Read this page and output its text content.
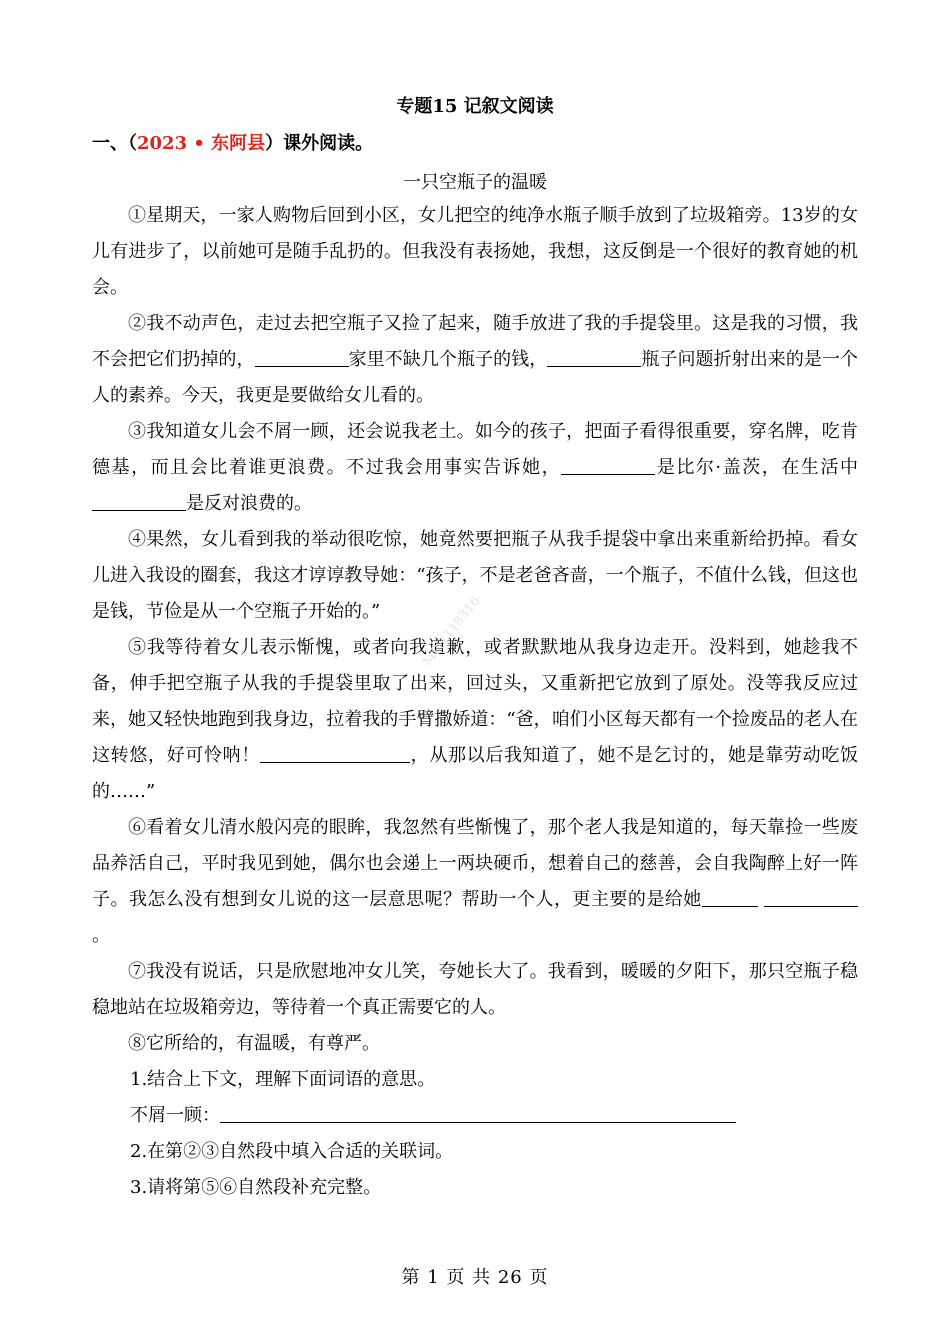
专题15 记叙文阅读
一、（2023 • 东阿县）课外阅读。
一只空瓶子的温暖

①星期天，一家人购物后回到小区，女儿把空的纯净水瓶子顺手放到了垃圾箱旁。13岁的女儿有进步了，以前她可是随手乱扔的。但我没有表扬她，我想，这反倒是一个很好的教育她的机会。

②我不动声色，走过去把空瓶子又捡了起来，随手放进了我的手提袋里。这是我的习惯，我不会把它们扔掉的，	家里不缺几个瓶子的钱，	瓶子问题折射出来的是一个人的素养。今天，我更是要做给女儿看的。

③我知道女儿会不屑一顾，还会说我老土。如今的孩子，把面子看得很重要，穿名牌，吃肯德基，而且会比着谁更浪费。不过我会用事实告诉她，	是比尔·盖茨，在生活中是反对浪费的。

④果然，女儿看到我的举动很吃惊，她竟然要把瓶子从我手提袋中拿出来重新给扔掉。看女儿进入我设的圈套，我这才谆谆教导她：“孩子，不是老爸吝啬，一个瓶子，不值什么钱，但这也是钱，节俭是从一个空瓶子开始的。”

⑤我等待着女儿表示惭愧，或者向我道歉，或者默默地从我身边走开。没料到，她趁我不备，伸手把空瓶子从我的手提袋里取了出来，回过头，又重新把它放到了原处。没等我反应过来，她又轻快地跑到我身边，拉着我的手臂撒娇道：“爸，咱们小区每天都有一个捡废品的老人在这转悠，好可怜呐！	，从那以后我知道了，她不是乞讨的，她是靠劳动吃饭的……”

⑥看着女儿清水般闪亮的眼眸，我忽然有些惭愧了，那个老人我是知道的，每天靠捡一些废品养活自己，平时我见到她，偶尔也会递上一两块硬币，想着自己的慈善，会自我陶醉上好一阵子。我怎么没有想到女儿说的这一层意思呢？帮助一个人，更主要的是给她 。

⑦我没有说话，只是欣慰地冲女儿笑，夸她长大了。我看到，暖暖的夕阳下，那只空瓶子稳稳地站在垃圾箱旁边，等待着一个真正需要它的人。

⑧它所给的，有温暖，有尊严。

1.结合上下文，理解下面词语的意思。

不屑一顾：

2.在第②③自然段中填入合适的关联词。

3.请将第⑤⑥自然段补充完整。

MP:1118316
第 1 页 共 26 页
